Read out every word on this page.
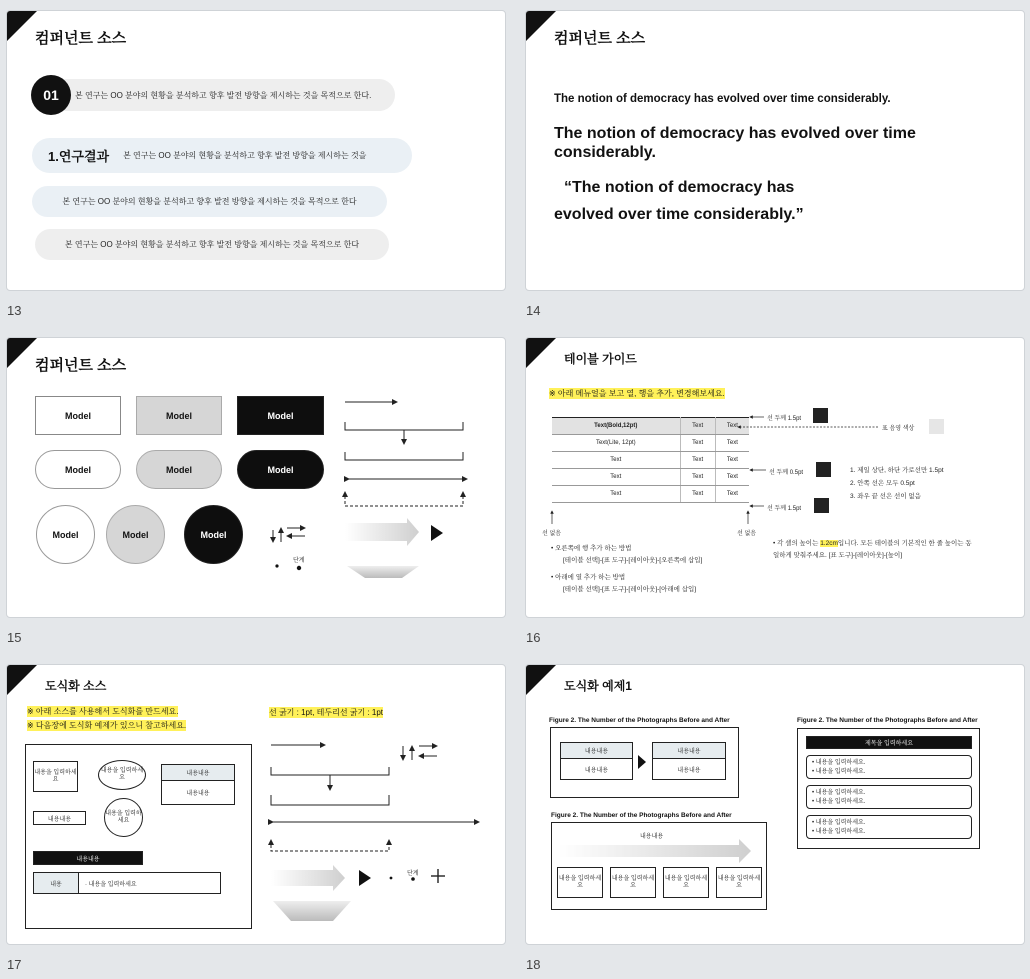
컴퍼넌트 소스
01	본 연구는 OO 분야의 현황을 분석하고 향후 발전 방향을 제시하는 것을 목적으로 한다.
1.연구결과 본 연구는 OO 분야의 현황을 분석하고 향후 발전 방향을 제시하는 것을
본 연구는 OO 분야의 현황을 분석하고 향후 발전 방향을 제시하는 것을 목적으로 한다
본 연구는 OO 분야의 현황을 분석하고 향후 발전 방향을 제시하는 것을 목적으로 한다
13
컴퍼넌트 소스
The notion of democracy has evolved over time considerably.
The notion of democracy has evolved over time considerably.
“The notion of democracy has
evolved over time considerably.”
14
컴퍼넌트 소스
Model	Model	Model
Model	Model	Model
Model	Model	Model
단계
15
테이블 가이드
※ 아래 메뉴얼을 보고 열, 행을 추가, 변경해보세요.
Text(Bold,12pt)	Text	Text
Text(Lite, 12pt)	Text	Text
Text	Text	Text
Text	Text	Text
Text	Text	Text
선 두께 1.5pt
표 음영 색상
선 두께 0.5pt	1. 제일 상단, 하단 가로선만 1.5pt
2. 안쪽 선은 모두 0.5pt
3. 좌우 끝 선은 선이 없음
선 두께 1.5pt
선 없음	선 없음
• 오른쪽에 행 추가 하는 방법
[테이블 선택]-[표 도구]-[레이아웃]-[오른쪽에 삽입]
• 아래에 열 추가 하는 방법
[테이블 선택]-[표 도구]-[레이아웃]-[아래에 삽입]
• 각 셀의 높이는 1.2cm입니다. 모든 테이블의 기본적인 한 줄 높이는 동
일하게 맞춰주세요. [표 도구]-[레이아웃]-[높이]
16
도식화 소스
※ 아래 소스를 사용해서 도식화를 만드세요.
※ 다음장에 도식화 예제가 있으니 참고하세요.
선 굵기 : 1pt, 테두리선 굵기 : 1pt
내용을 입력하세요
내용을 입력하세요
내용내용
내용내용
내용내용
내용을 입력하세요
내용내용
내용	· 내용을 입력하세요
단계
17
도식화 예제1
Figure 2. The Number of the Photographs Before and After
내용내용
내용내용
내용내용
내용내용
Figure 2. The Number of the Photographs Before and After
내용내용
내용을 입력하세요
내용을 입력하세요
내용을 입력하세요
내용을 입력하세요
Figure 2. The Number of the Photographs Before and After
제목을 입력하세요
• 내용을 입력하세요.
• 내용을 입력하세요.
• 내용을 입력하세요.
• 내용을 입력하세요.
• 내용을 입력하세요.
• 내용을 입력하세요.
18
